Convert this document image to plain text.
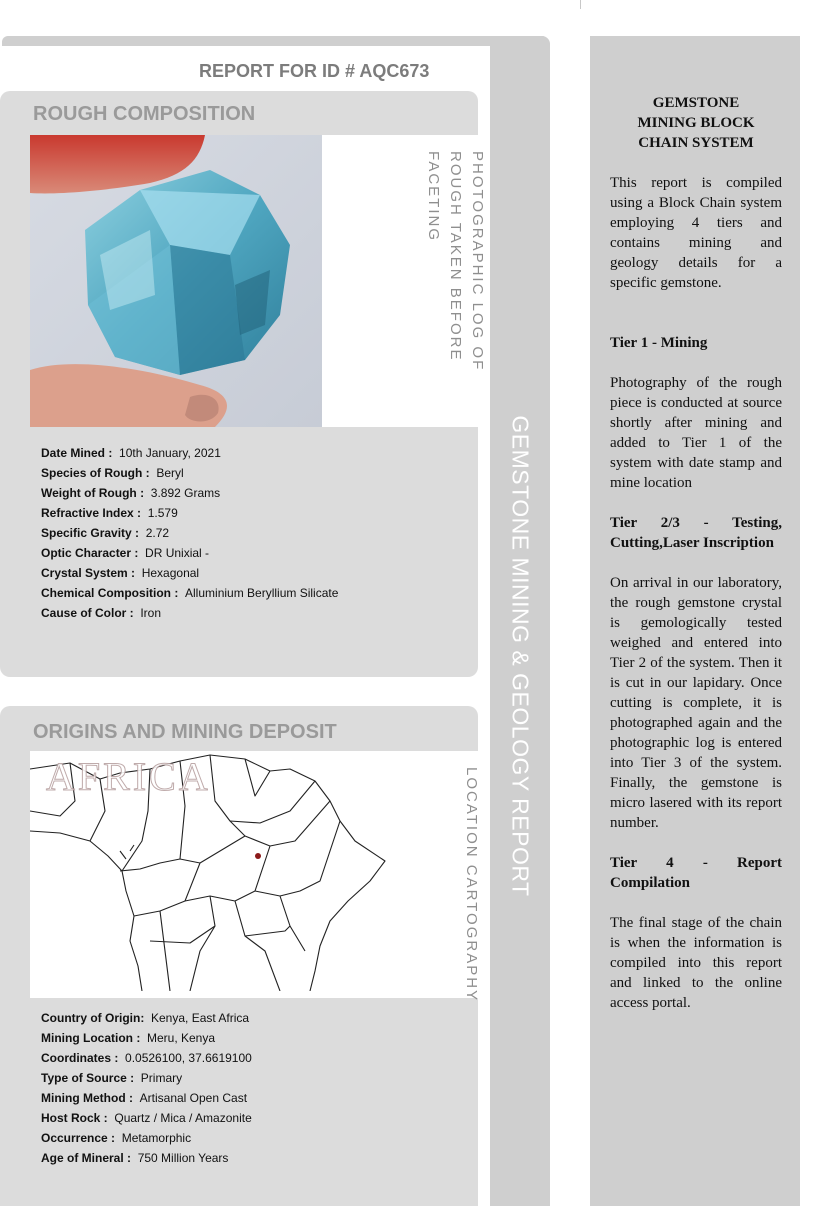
GEMSTONE MINING & GEOLOGY REPORT
REPORT FOR ID # AQC673
ROUGH COMPOSITION
PHOTOGRAPHIC LOG OF ROUGH TAKEN BEFORE FACETING
Date Mined : 10th January, 2021
Species of Rough : Beryl
Weight of Rough : 3.892 Grams
Refractive Index : 1.579
Specific Gravity : 2.72
Optic Character : DR Unixial -
Crystal System : Hexagonal
Chemical Composition : Alluminium Beryllium Silicate
Cause of Color : Iron
ORIGINS AND MINING DEPOSIT
AFRICA	LOCATION CARTOGRAPHY
Country of Origin: Kenya, East Africa
Mining Location : Meru, Kenya
Coordinates : 0.0526100, 37.6619100
Type of Source : Primary
Mining Method : Artisanal Open Cast
Host Rock : Quartz / Mica / Amazonite
Occurrence : Metamorphic
Age of Mineral : 750 Million Years
GEMSTONE MINING BLOCK CHAIN SYSTEM

This report is compiled using a Block Chain system employing 4 tiers and contains mining and geology details for a specific gemstone.

Tier 1 - Mining

Photography of the rough piece is conducted at source shortly after mining and added to Tier 1 of the system with date stamp and mine location

Tier 2/3 - Testing, Cutting,Laser Inscription

On arrival in our laboratory, the rough gemstone crystal is gemologically tested weighed and entered into Tier 2 of the system. Then it is cut in our lapidary. Once cutting is complete, it is photographed again and the photographic log is entered into Tier 3 of the system. Finally, the gemstone is micro lasered with its report number.

Tier 4 - Report Compilation

The final stage of the chain is when the information is compiled into this report and linked to the online access portal.
